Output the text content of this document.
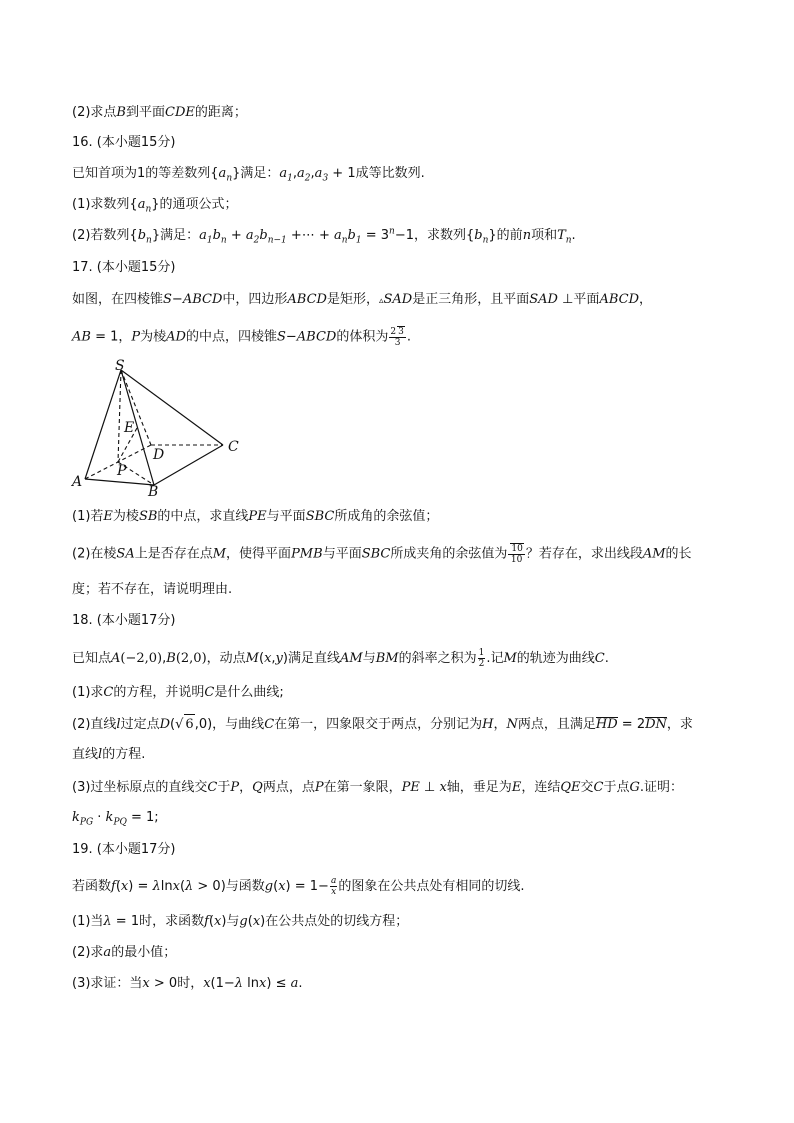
(2)求点B到平面CDE的距离；
16. (本小题15分)
已知首项为1的等差数列$\{a_n\}$满足：$a_1,a_2,a_3 + 1$成等比数列.
(1)求数列$\{a_n\}$的通项公式；
(2)若数列$\{b_n\}$满足：$a_1b_n + a_2b_{n-1}$ +⋯ + $a_nb_1 = 3^n-1$，求数列$\{b_n\}$的前n项和$T_n$.
17. (本小题15分)
如图，在四棱锥S−ABCD中，四边形ABCD是矩形，▵SAD是正三角形，且平面SAD ⊥平面ABCD，
AB = 1，P为棱AD的中点，四棱锥S−ABCD的体积为 $\frac{2 3}{3}$ .
S
E
D	C
P
A
B
(1)若E为棱SB的中点，求直线PE与平面SBC所成角的余弦值；
(2)在棱SA上是否存在点M，使得平面PMB与平面SBC所成夹角的余弦值为 $\frac{10}{10}$ ？若存在，求出线段AM的长
度；若不存在，请说明理由.
18. (本小题17分)
已知点A(−2,0),B(2,0)，动点M(x,y)满足直线AM与BM的斜率之积为 $\frac{1}{2}$ .记M的轨迹为曲线C.
(1)求C的方程，并说明C是什么曲线;
(2)直线l过定点D(√ 6,0)，与曲线C在第一，四象限交于两点，分别记为H，N两点，且满足HD = 2DN，求
直线l的方程.
(3)过坐标原点的直线交C于P，Q两点，点P在第一象限，PE ⊥ x轴，垂足为E，连结QE交C于点G.证明：
$k_{PG} \cdot k_{PQ} = 1$;
19. (本小题17分)
若函数f(x) = λlnx(λ > 0)与函数$g(x) = 1- \frac{a}{x}$ 的图象在公共点处有相同的切线.
(1)当λ = 1时，求函数f(x)与g(x)在公共点处的切线方程；
(2)求a的最小值；
(3)求证：当x > 0时，x(1−λ lnx) ≤ a.
